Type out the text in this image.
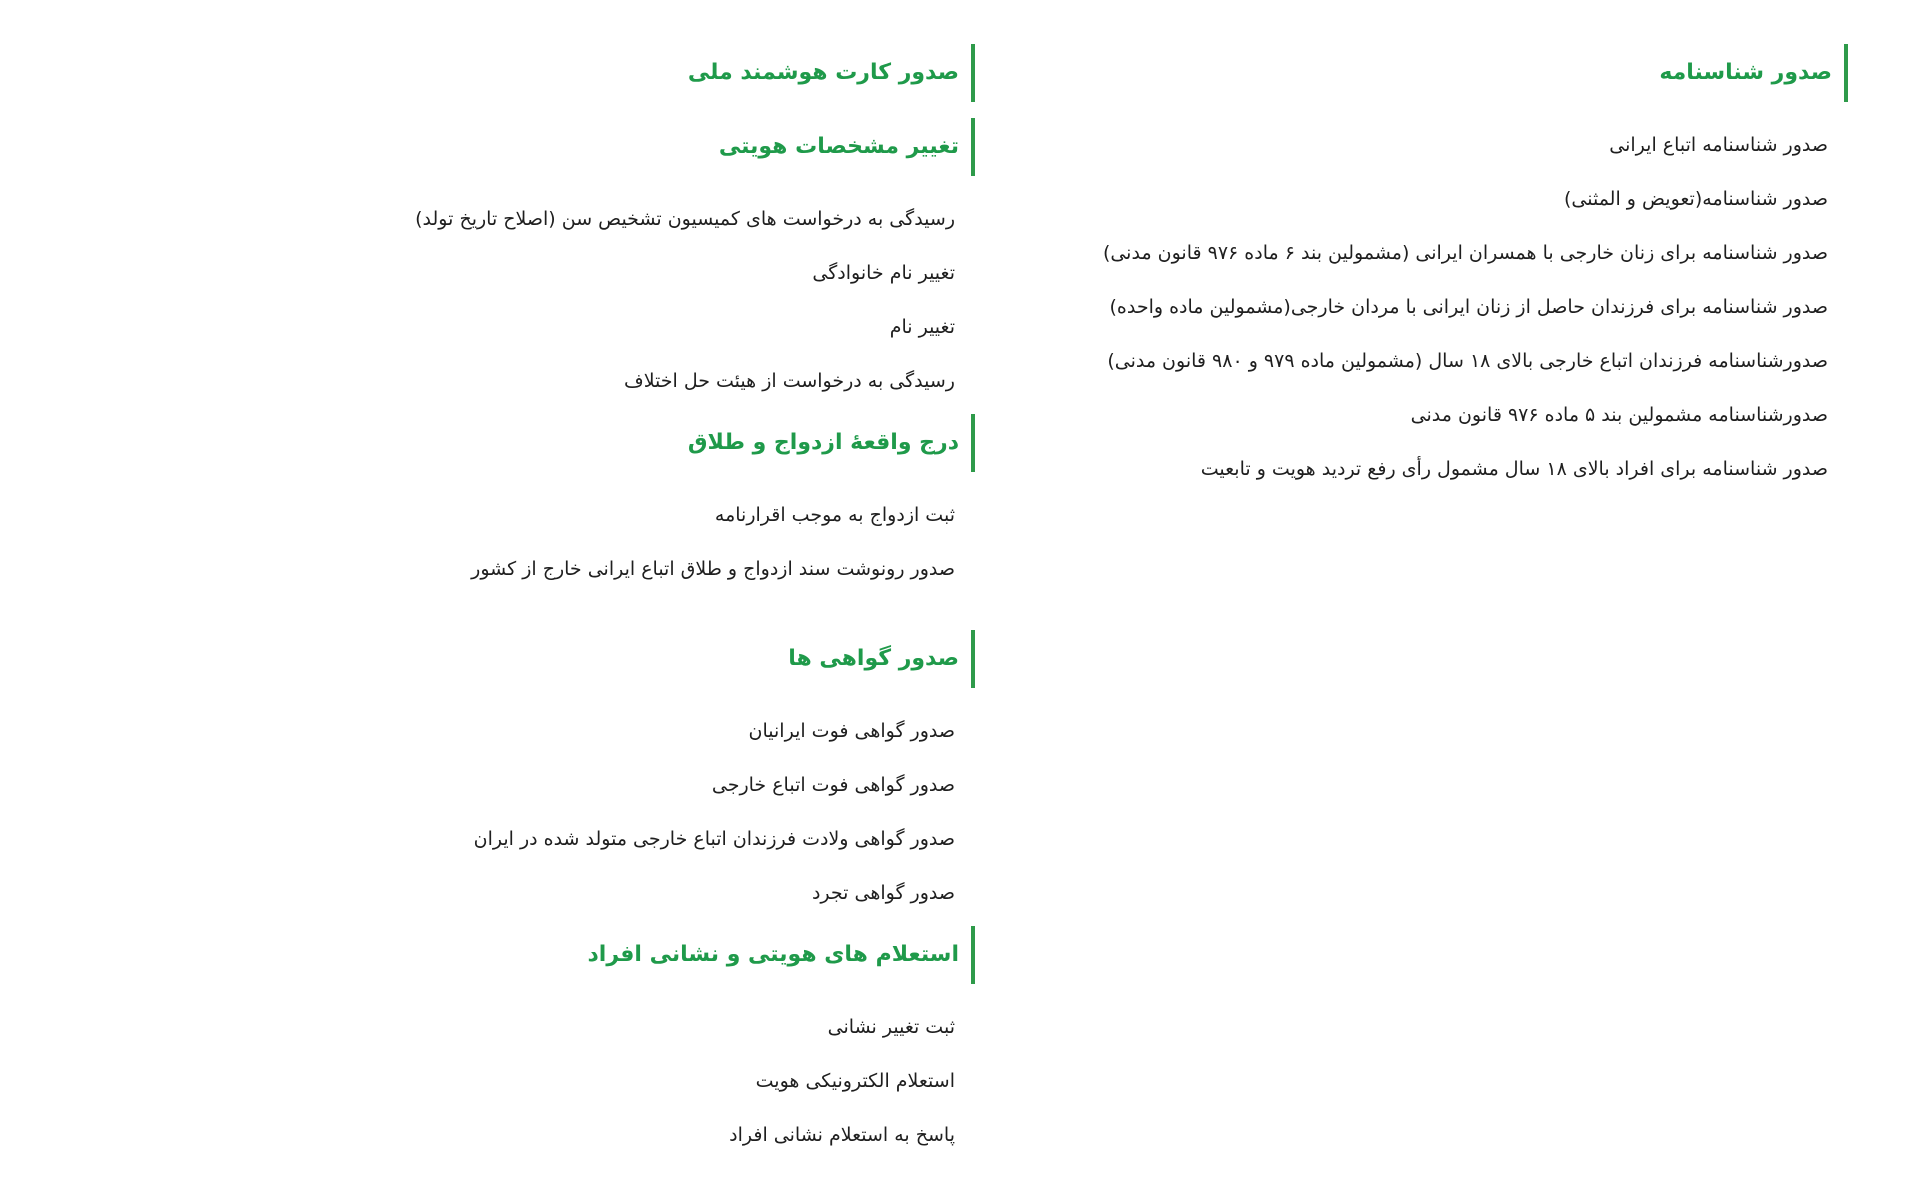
صدور شناسنامه
صدور شناسنامه اتباع ایرانی
صدور شناسنامه(تعویض و المثنی)
صدور شناسنامه برای زنان خارجی با همسران ایرانی (مشمولین بند ۶ ماده ۹۷۶ قانون مدنی)
صدور شناسنامه برای فرزندان حاصل از زنان ایرانی با مردان خارجی(مشمولین ماده واحده)
صدورشناسنامه فرزندان اتباع خارجی بالای ۱۸ سال (مشمولین ماده ۹۷۹ و ۹۸۰ قانون مدنی)
صدورشناسنامه مشمولین بند ۵ ماده ۹۷۶ قانون مدنی
صدور شناسنامه برای افراد بالای ۱۸ سال مشمول رأی رفع تردید هویت و تابعیت
صدور کارت هوشمند ملی
تغییر مشخصات هویتی
رسیدگی به درخواست های کمیسیون تشخیص سن (اصلاح تاریخ تولد)
تغییر نام خانوادگی
تغییر نام
رسیدگی به درخواست از هیئت حل اختلاف
درج واقعهٔ ازدواج و طلاق
ثبت ازدواج به موجب اقرارنامه
صدور رونوشت سند ازدواج و طلاق اتباع ایرانی خارج از کشور
صدور گواهی ها
صدور گواهی فوت ایرانیان
صدور گواهی فوت اتباع خارجی
صدور گواهی ولادت فرزندان اتباع خارجی متولد شده در ایران
صدور گواهی تجرد
استعلام های هویتی و نشانی افراد
ثبت تغییر نشانی
استعلام الکترونیکی هویت
پاسخ به استعلام نشانی افراد
